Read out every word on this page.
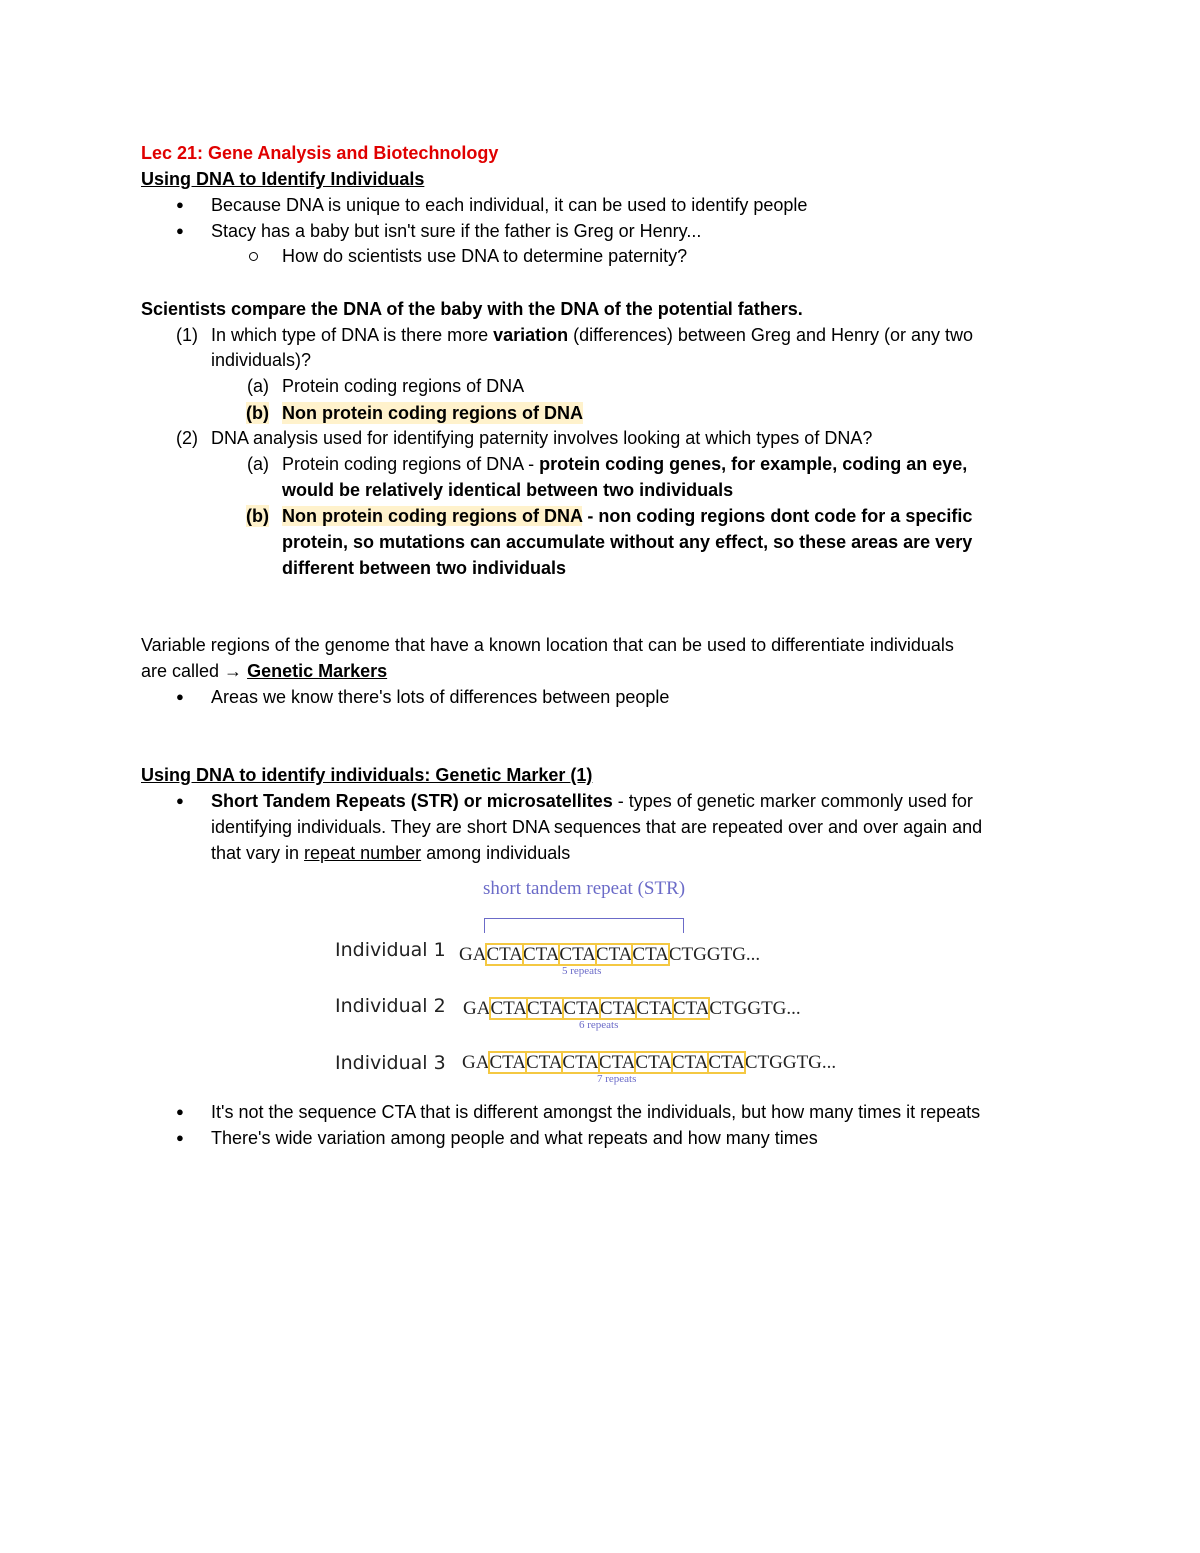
Lec 21: Gene Analysis and Biotechnology
Using DNA to Identify Individuals
● Because DNA is unique to each individual, it can be used to identify people
● Stacy has a baby but isn't sure if the father is Greg or Henry...
How do scientists use DNA to determine paternity?
Scientists compare the DNA of the baby with the DNA of the potential fathers.
(1) In which type of DNA is there more variation (differences) between Greg and Henry (or any two
individuals)?
(a) Protein coding regions of DNA
(b) Non protein coding regions of DNA
(2) DNA analysis used for identifying paternity involves looking at which types of DNA?
(a) Protein coding regions of DNA - protein coding genes, for example, coding an eye,
would be relatively identical between two individuals
(b) Non protein coding regions of DNA - non coding regions dont code for a specific
protein, so mutations can accumulate without any effect, so these areas are very
different between two individuals
Variable regions of the genome that have a known location that can be used to differentiate individuals
are called → Genetic Markers
● Areas we know there's lots of differences between people
Using DNA to identify individuals: Genetic Marker (1)
● Short Tandem Repeats (STR) or microsatellites - types of genetic marker commonly used for
identifying individuals. They are short DNA sequences that are repeated over and over again and
that vary in repeat number among individuals
short tandem repeat (STR)
Individual 1 GACTACTACTACTACTACTGGTG...
5 repeats
Individual 2 GACTACTACTACTACTACTACTGGTG...
6 repeats
Individual 3 GACTACTACTACTACTACTACTACTGGTG...
7 repeats
● It's not the sequence CTA that is different amongst the individuals, but how many times it repeats
● There's wide variation among people and what repeats and how many times
